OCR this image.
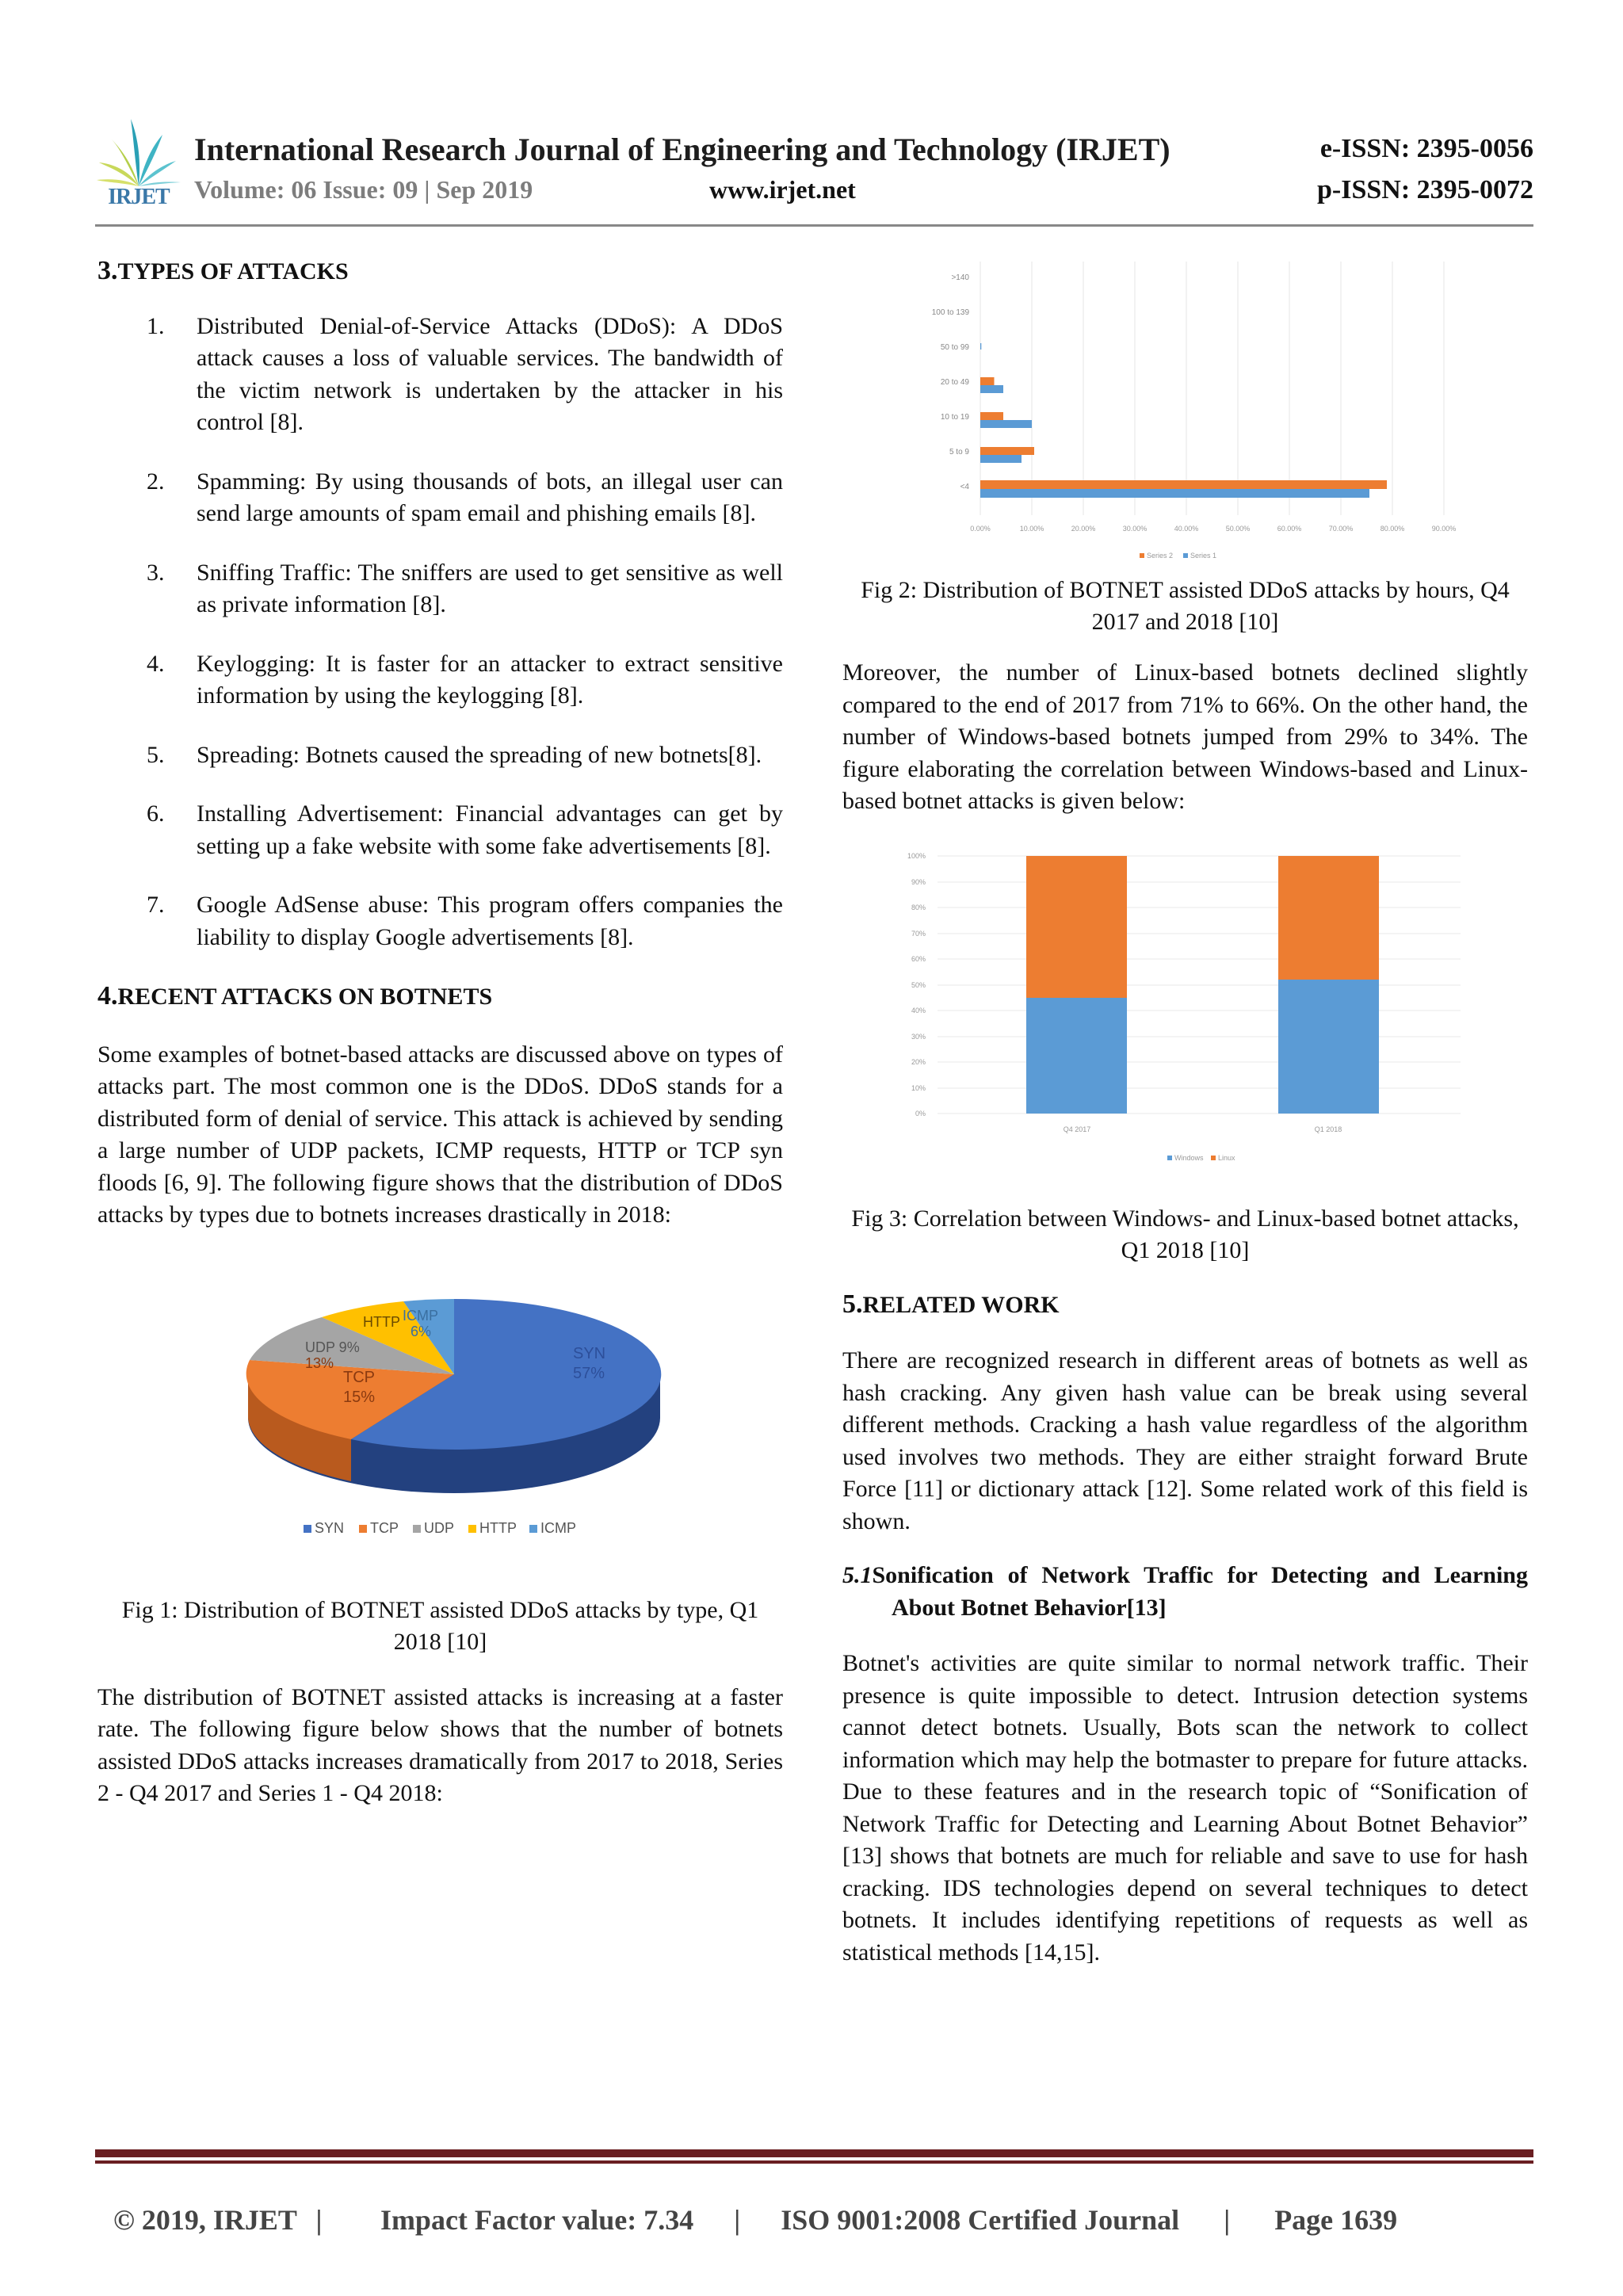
IRJET
International Research Journal of Engineering and Technology (IRJET)	e-ISSN: 2395-0056
Volume: 06 Issue: 09 | Sep 2019	www.irjet.net	p-ISSN: 2395-0072
3.TYPES OF ATTACKS
1. Distributed Denial-of-Service Attacks (DDoS): A DDoS attack causes a loss of valuable services. The bandwidth of the victim network is undertaken by the attacker in his control [8].
2. Spamming: By using thousands of bots, an illegal user can send large amounts of spam email and phishing emails [8].
3. Sniffing Traffic: The sniffers are used to get sensitive as well as private information [8].
4. Keylogging: It is faster for an attacker to extract sensitive information by using the keylogging [8].
5. Spreading: Botnets caused the spreading of new botnets[8].
6. Installing Advertisement: Financial advantages can get by setting up a fake website with some fake advertisements [8].
7. Google AdSense abuse: This program offers companies the liability to display Google advertisements [8].
4.RECENT ATTACKS ON BOTNETS

Some examples of botnet-based attacks are discussed above on types of attacks part. The most common one is the DDoS. DDoS stands for a distributed form of denial of service. This attack is achieved by sending a large number of UDP packets, ICMP requests, HTTP or TCP syn floods [6, 9]. The following figure shows that the distribution of DDoS attacks by types due to botnets increases drastically in 2018:

SYN
57%
TCP
15%
UDP 9%
13%
HTTP ICMP
6%
SYN TCP UDP HTTP ICMP
Fig 1: Distribution of BOTNET assisted DDoS attacks by type, Q1 2018 [10]

The distribution of BOTNET assisted attacks is increasing at a faster rate. The following figure below shows that the number of botnets assisted DDoS attacks increases dramatically from 2017 to 2018, Series 2 - Q4 2017 and Series 1 - Q4 2018:

>140
100 to 139
50 to 99
20 to 49
10 to 19
5 to 9
<4
0.00%	10.00%	20.00%	30.00%	40.00%	50.00%	60.00%	70.00%	80.00%	90.00%
Series 2 Series 1
Fig 2: Distribution of BOTNET assisted DDoS attacks by hours, Q4 2017 and 2018 [10]

Moreover, the number of Linux-based botnets declined slightly compared to the end of 2017 from 71% to 66%. On the other hand, the number of Windows-based botnets jumped from 29% to 34%. The figure elaborating the correlation between Windows-based and Linux-based botnet attacks is given below:

100%
90%
80%
70%
60%
50%
40%
30%
20%
10%
0%
Q4 2017	Q1 2018
Windows Linux
Fig 3: Correlation between Windows- and Linux-based botnet attacks, Q1 2018 [10]
5.RELATED WORK

There are recognized research in different areas of botnets as well as hash cracking. Any given hash value can be break using several different methods. Cracking a hash value regardless of the algorithm used involves two methods. They are either straight forward Brute Force [11] or dictionary attack [12]. Some related work of this field is shown.

5.1Sonification of Network Traffic for Detecting and Learning About Botnet Behavior[13]

Botnet's activities are quite similar to normal network traffic. Their presence is quite impossible to detect. Intrusion detection systems cannot detect botnets. Usually, Bots scan the network to collect information which may help the botmaster to prepare for future attacks. Due to these features and in the research topic of “Sonification of Network Traffic for Detecting and Learning About Botnet Behavior” [13] shows that botnets are much for reliable and save to use for hash cracking. IDS technologies depend on several techniques to detect botnets. It includes identifying repetitions of requests as well as statistical methods [14,15].

© 2019, IRJET | Impact Factor value: 7.34 | ISO 9001:2008 Certified Journal | Page 1639
